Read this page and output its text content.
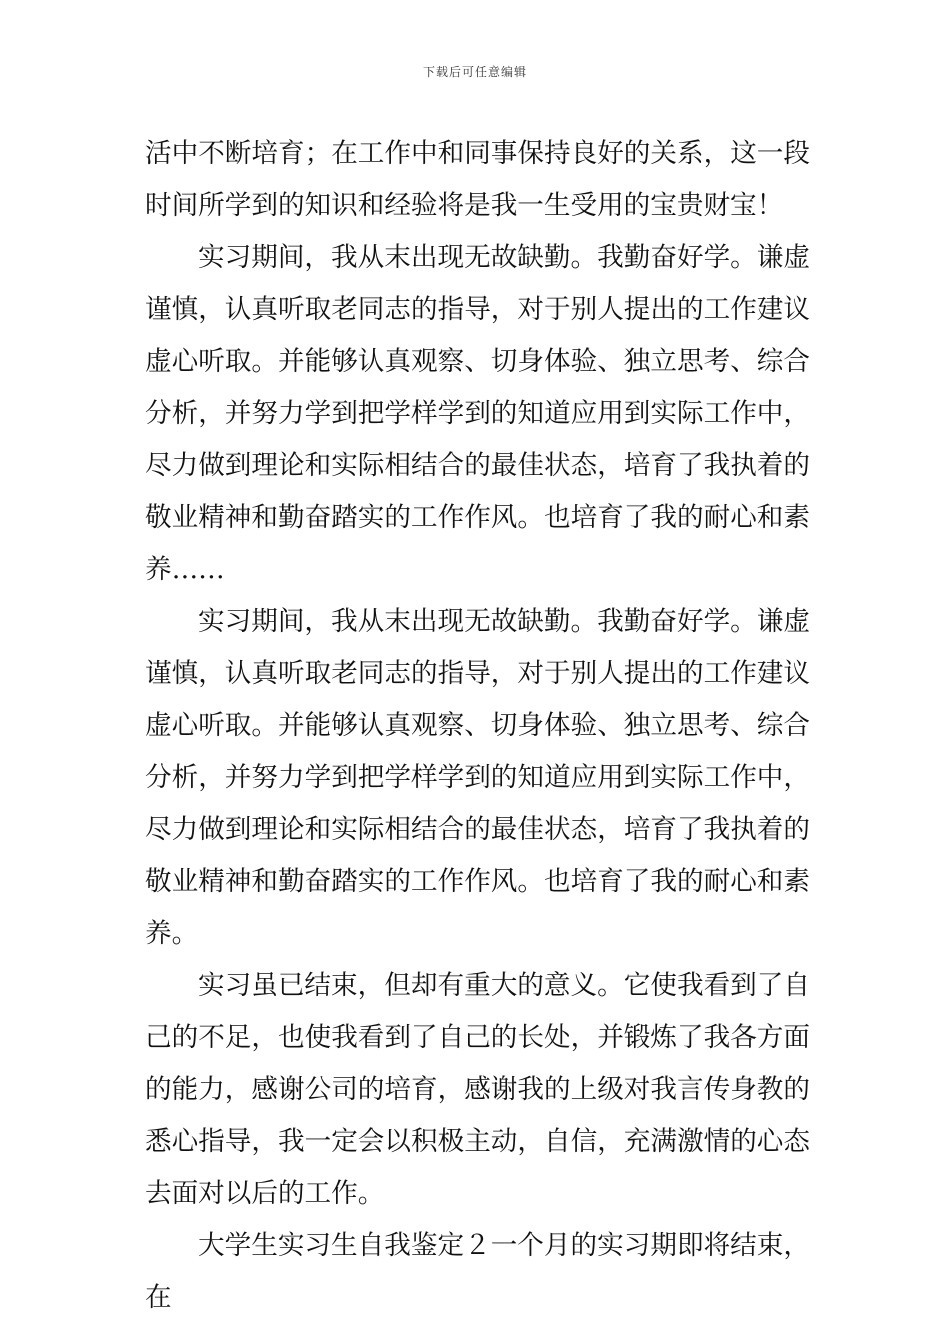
下载后可任意编辑

活中不断培育；在工作中和同事保持良好的关系，这一段时间所学到的知识和经验将是我一生受用的宝贵财宝！

实习期间，我从末出现无故缺勤。我勤奋好学。谦虚谨慎，认真听取老同志的指导，对于别人提出的工作建议虚心听取。并能够认真观察、切身体验、独立思考、综合分析，并努力学到把学样学到的知道应用到实际工作中，尽力做到理论和实际相结合的最佳状态，培育了我执着的敬业精神和勤奋踏实的工作作风。也培育了我的耐心和素养……

实习期间，我从末出现无故缺勤。我勤奋好学。谦虚谨慎，认真听取老同志的指导，对于别人提出的工作建议虚心听取。并能够认真观察、切身体验、独立思考、综合分析，并努力学到把学样学到的知道应用到实际工作中，尽力做到理论和实际相结合的最佳状态，培育了我执着的敬业精神和勤奋踏实的工作作风。也培育了我的耐心和素养。

实习虽已结束，但却有重大的意义。它使我看到了自己的不足，也使我看到了自己的长处，并锻炼了我各方面的能力，感谢公司的培育，感谢我的上级对我言传身教的悉心指导，我一定会以积极主动，自信，充满激情的心态去面对以后的工作。

大学生实习生自我鉴定２一个月的实习期即将结束，在
